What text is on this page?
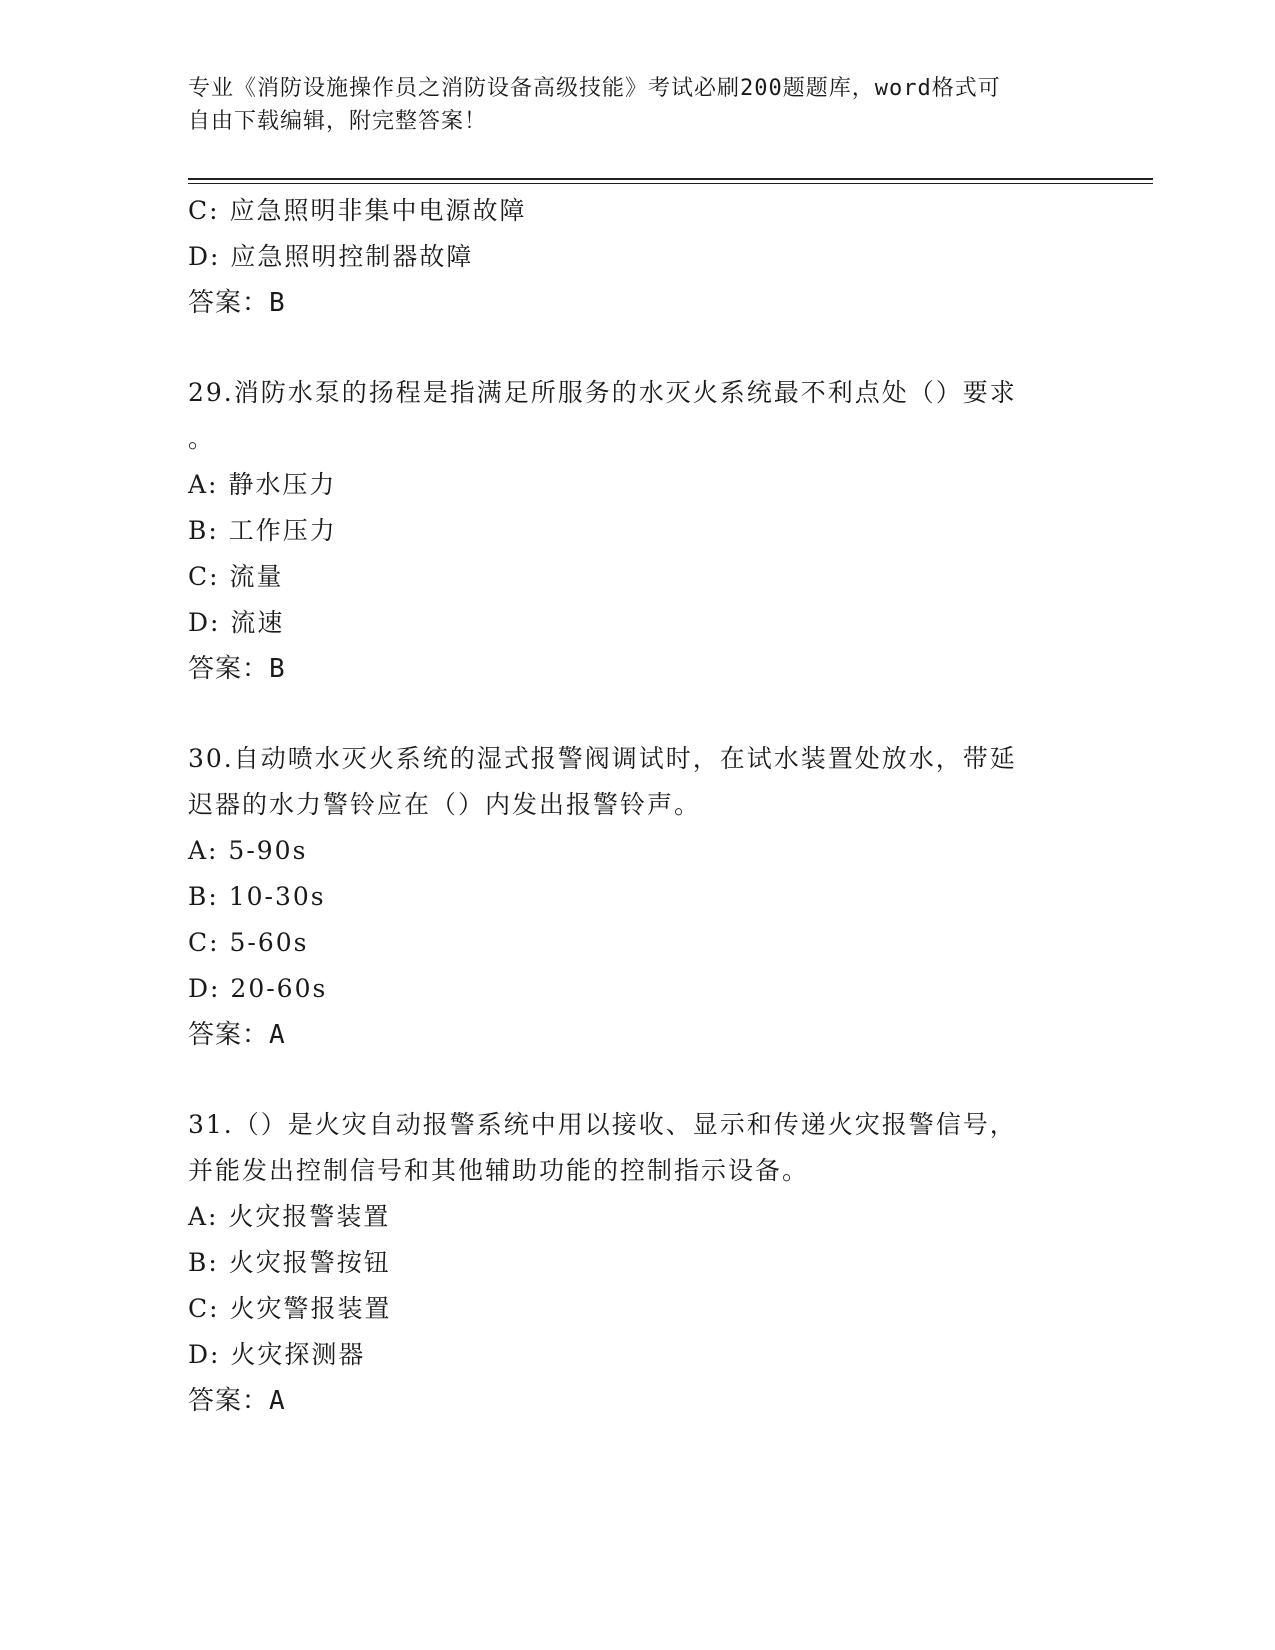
专业《消防设施操作员之消防设备高级技能》考试必刷200题题库，word格式可
自由下载编辑，附完整答案！
C: 应急照明非集中电源故障
D: 应急照明控制器故障
答案：B
29.消防水泵的扬程是指满足所服务的水灭火系统最不利点处（）要求
。
A: 静水压力
B: 工作压力
C: 流量
D: 流速
答案：B
30.自动喷水灭火系统的湿式报警阀调试时，在试水装置处放水，带延
迟器的水力警铃应在（）内发出报警铃声。
A: 5-90s
B: 10-30s
C: 5-60s
D: 20-60s
答案：A
31.（）是火灾自动报警系统中用以接收、显示和传递火灾报警信号，
并能发出控制信号和其他辅助功能的控制指示设备。
A: 火灾报警装置
B: 火灾报警按钮
C: 火灾警报装置
D: 火灾探测器
答案：A
